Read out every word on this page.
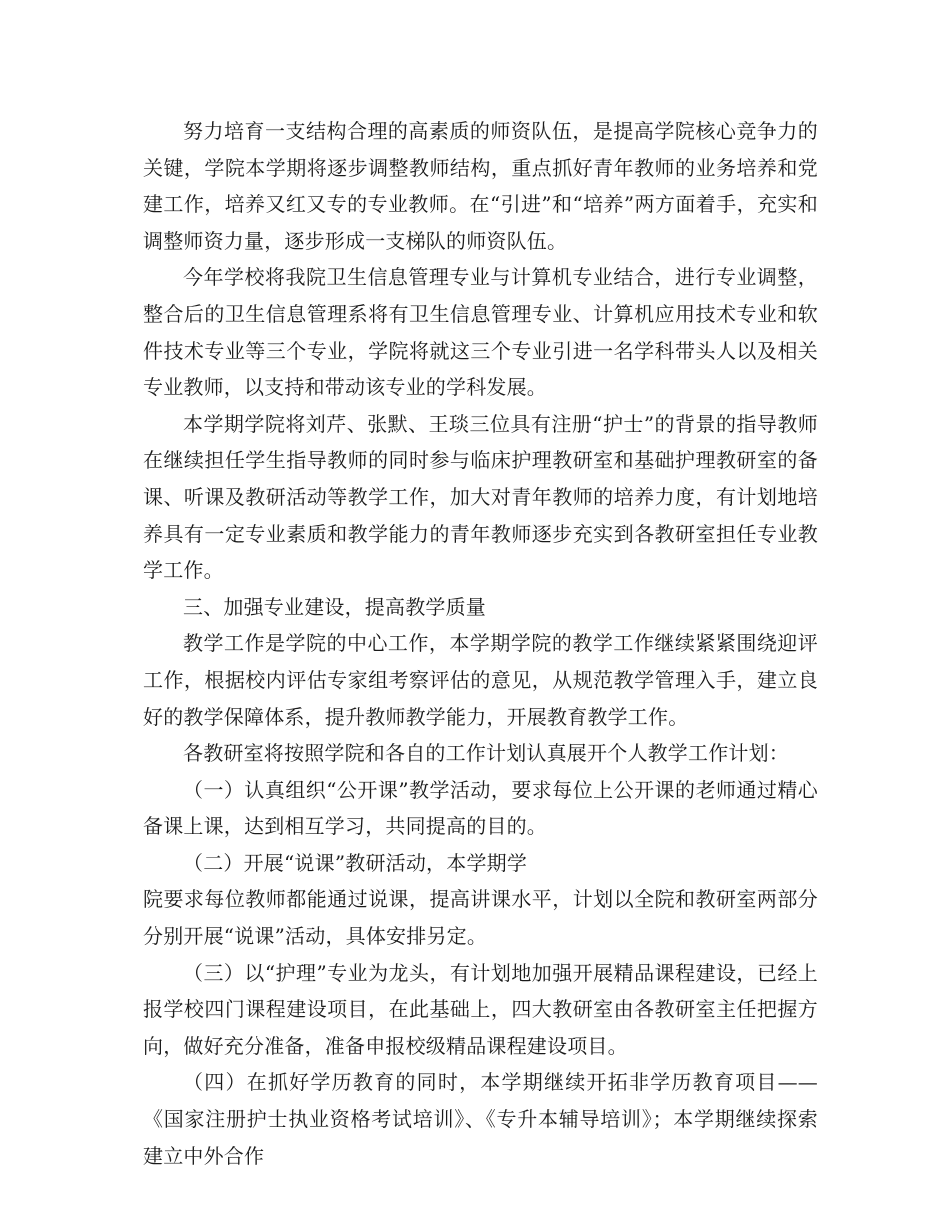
努力培育一支结构合理的高素质的师资队伍，是提高学院核心竞争力的关键，学院本学期将逐步调整教师结构，重点抓好青年教师的业务培养和党建工作，培养又红又专的专业教师。在“引进”和“培养”两方面着手，充实和调整师资力量，逐步形成一支梯队的师资队伍。

今年学校将我院卫生信息管理专业与计算机专业结合，进行专业调整，整合后的卫生信息管理系将有卫生信息管理专业、计算机应用技术专业和软件技术专业等三个专业，学院将就这三个专业引进一名学科带头人以及相关专业教师，以支持和带动该专业的学科发展。

本学期学院将刘芹、张默、王琰三位具有注册“护士”的背景的指导教师在继续担任学生指导教师的同时参与临床护理教研室和基础护理教研室的备课、听课及教研活动等教学工作，加大对青年教师的培养力度，有计划地培养具有一定专业素质和教学能力的青年教师逐步充实到各教研室担任专业教学工作。

三、加强专业建设，提高教学质量

教学工作是学院的中心工作，本学期学院的教学工作继续紧紧围绕迎评工作，根据校内评估专家组考察评估的意见，从规范教学管理入手，建立良好的教学保障体系，提升教师教学能力，开展教育教学工作。

各教研室将按照学院和各自的工作计划认真展开个人教学工作计划：

（一）认真组织“公开课”教学活动，要求每位上公开课的老师通过精心备课上课，达到相互学习，共同提高的目的。

（二）开展“说课”教研活动，本学期学

院要求每位教师都能通过说课，提高讲课水平，计划以全院和教研室两部分分别开展“说课”活动，具体安排另定。

（三）以“护理”专业为龙头，有计划地加强开展精品课程建设，已经上报学校四门课程建设项目，在此基础上，四大教研室由各教研室主任把握方向，做好充分准备，准备申报校级精品课程建设项目。

（四）在抓好学历教育的同时，本学期继续开拓非学历教育项目——《国家注册护士执业资格考试培训》、《专升本辅导培训》；本学期继续探索建立中外合作
